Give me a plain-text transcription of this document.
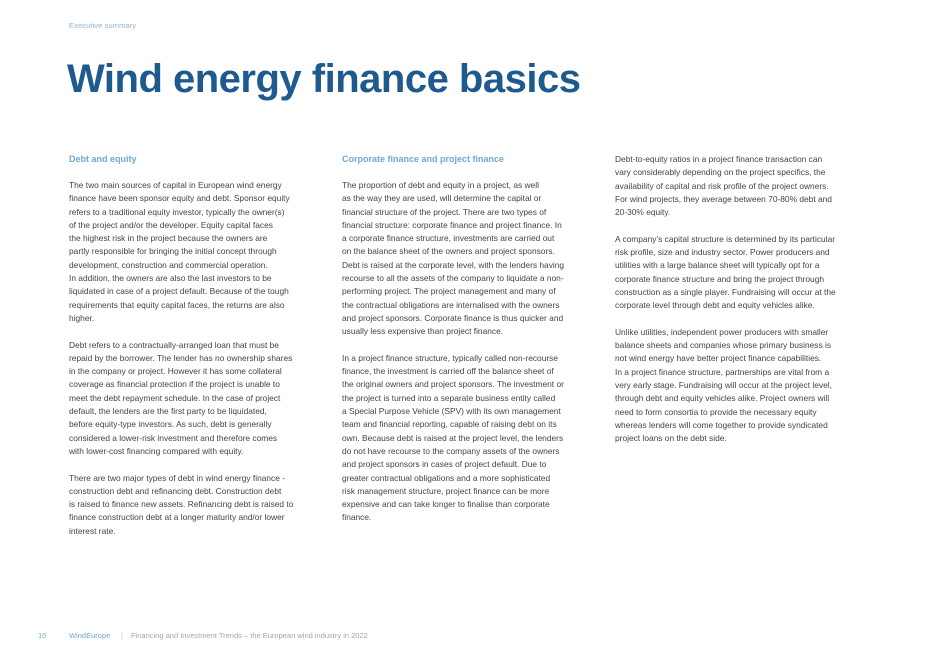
Executive summary
Wind energy finance basics
Debt and equity

The two main sources of capital in European wind energy
finance have been sponsor equity and debt. Sponsor equity
refers to a traditional equity investor, typically the owner(s)
of the project and/or the developer. Equity capital faces
the highest risk in the project because the owners are
partly responsible for bringing the initial concept through
development, construction and commercial operation.
In addition, the owners are also the last investors to be
liquidated in case of a project default. Because of the tough
requirements that equity capital faces, the returns are also
higher.

Debt refers to a contractually-arranged loan that must be
repaid by the borrower. The lender has no ownership shares
in the company or project. However it has some collateral
coverage as financial protection if the project is unable to
meet the debt repayment schedule. In the case of project
default, the lenders are the first party to be liquidated,
before equity-type investors. As such, debt is generally
considered a lower-risk investment and therefore comes
with lower-cost financing compared with equity.

There are two major types of debt in wind energy finance -
construction debt and refinancing debt. Construction debt
is raised to finance new assets. Refinancing debt is raised to
finance construction debt at a longer maturity and/or lower
interest rate.

Corporate finance and project finance

The proportion of debt and equity in a project, as well
as the way they are used, will determine the capital or
financial structure of the project. There are two types of
financial structure: corporate finance and project finance. In
a corporate finance structure, investments are carried out
on the balance sheet of the owners and project sponsors.
Debt is raised at the corporate level, with the lenders having
recourse to all the assets of the company to liquidate a non-
performing project. The project management and many of
the contractual obligations are internalised with the owners
and project sponsors. Corporate finance is thus quicker and
usually less expensive than project finance.

In a project finance structure, typically called non-recourse
finance, the investment is carried off the balance sheet of
the original owners and project sponsors. The investment or
the project is turned into a separate business entity called
a Special Purpose Vehicle (SPV) with its own management
team and financial reporting, capable of raising debt on its
own. Because debt is raised at the project level, the lenders
do not have recourse to the company assets of the owners
and project sponsors in cases of project default. Due to
greater contractual obligations and a more sophisticated
risk management structure, project finance can be more
expensive and can take longer to finalise than corporate
finance.

Debt-to-equity ratios in a project finance transaction can
vary considerably depending on the project specifics, the
availability of capital and risk profile of the project owners.
For wind projects, they average between 70-80% debt and
20-30% equity.

A company’s capital structure is determined by its particular
risk profile, size and industry sector. Power producers and
utilities with a large balance sheet will typically opt for a
corporate finance structure and bring the project through
construction as a single player. Fundraising will occur at the
corporate level through debt and equity vehicles alike.

Unlike utilities, independent power producers with smaller
balance sheets and companies whose primary business is
not wind energy have better project finance capabilities.
In a project finance structure, partnerships are vital from a
very early stage. Fundraising will occur at the project level,
through debt and equity vehicles alike. Project owners will
need to form consortia to provide the necessary equity
whereas lenders will come together to provide syndicated
project loans on the debt side.

10	WindEurope | Financing and Investment Trends – the European wind industry in 2022
